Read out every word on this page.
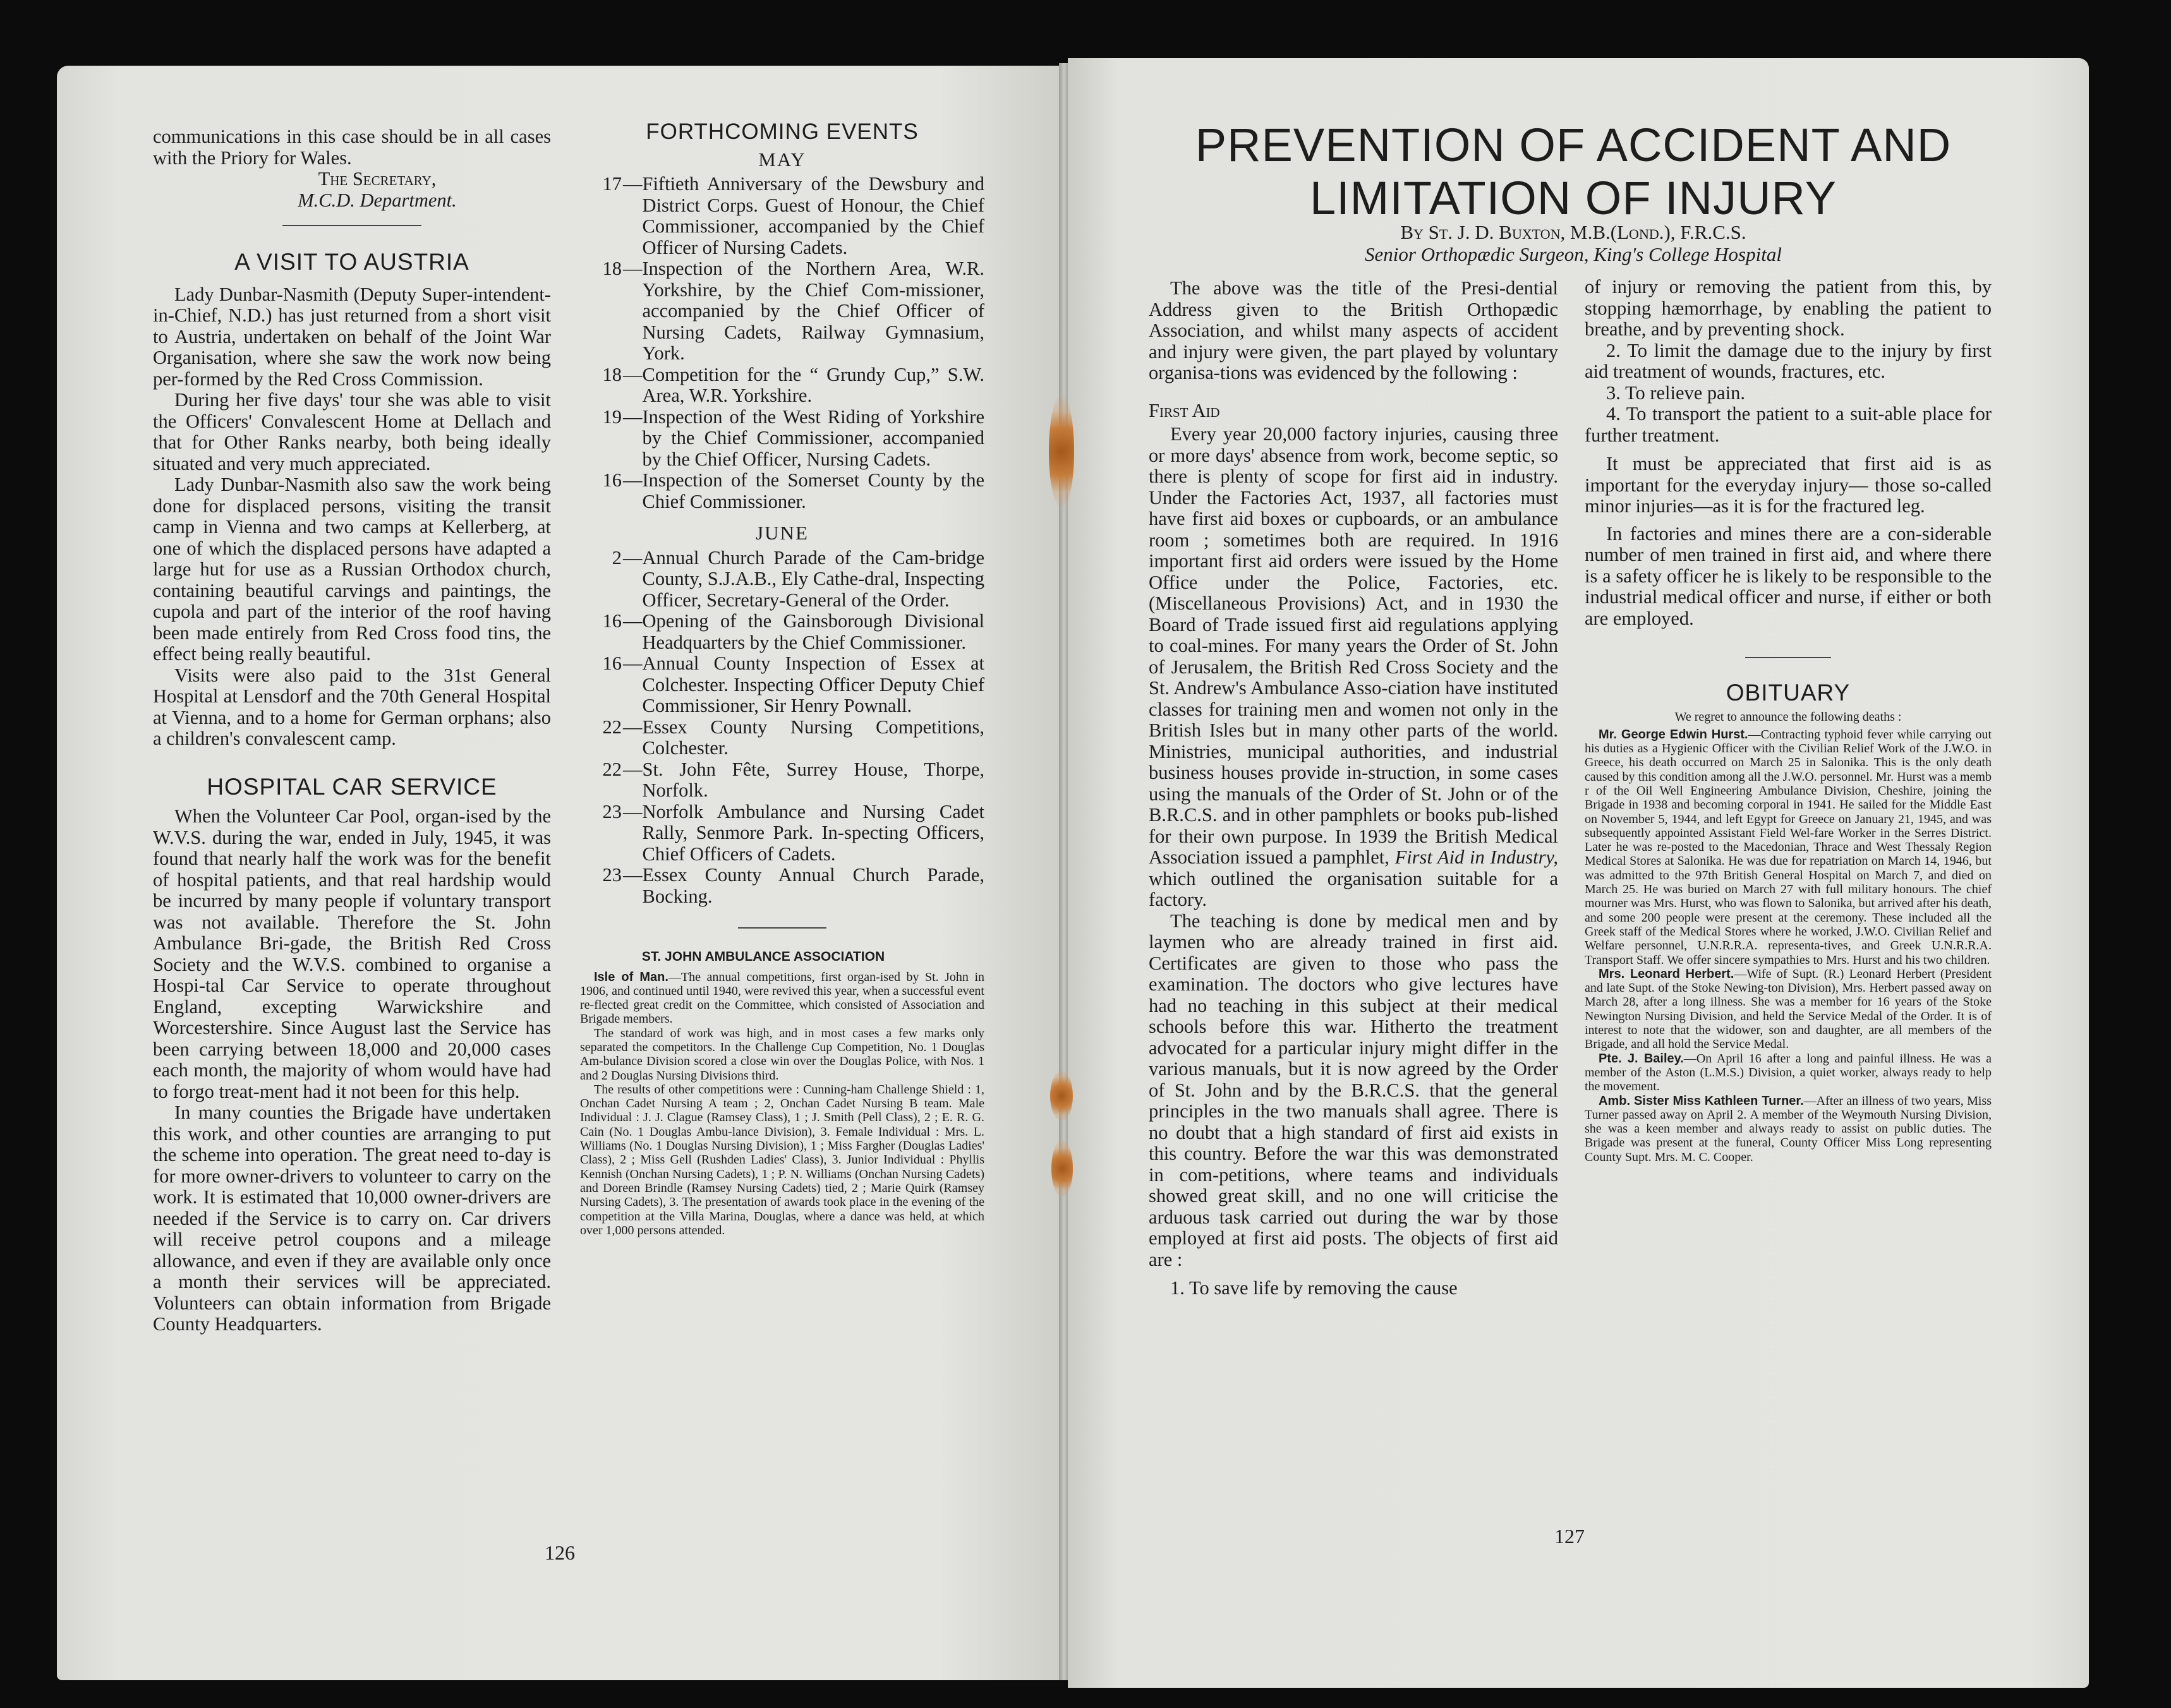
communications in this case should be in all cases with the Priory for Wales.

The Secretary,
M.C.D. Department.
A VISIT TO AUSTRIA

Lady Dunbar-Nasmith (Deputy Super-intendent-in-Chief, N.D.) has just returned from a short visit to Austria, undertaken on behalf of the Joint War Organisation, where she saw the work now being per-formed by the Red Cross Commission.

During her five days' tour she was able to visit the Officers' Convalescent Home at Dellach and that for Other Ranks nearby, both being ideally situated and very much appreciated.

Lady Dunbar-Nasmith also saw the work being done for displaced persons, visiting the transit camp in Vienna and two camps at Kellerberg, at one of which the displaced persons have adapted a large hut for use as a Russian Orthodox church, containing beautiful carvings and paintings, the cupola and part of the interior of the roof having been made entirely from Red Cross food tins, the effect being really beautiful.

Visits were also paid to the 31st General Hospital at Lensdorf and the 70th General Hospital at Vienna, and to a home for German orphans; also a children's convalescent camp.

HOSPITAL CAR SERVICE

When the Volunteer Car Pool, organ-ised by the W.V.S. during the war, ended in July, 1945, it was found that nearly half the work was for the benefit of hospital patients, and that real hardship would be incurred by many people if voluntary transport was not available. Therefore the St. John Ambulance Bri-gade, the British Red Cross Society and the W.V.S. combined to organise a Hospi-tal Car Service to operate throughout England, excepting Warwickshire and Worcestershire. Since August last the Service has been carrying between 18,000 and 20,000 cases each month, the majority of whom would have had to forgo treat-ment had it not been for this help.

In many counties the Brigade have undertaken this work, and other counties are arranging to put the scheme into operation. The great need to-day is for more owner-drivers to volunteer to carry on the work. It is estimated that 10,000 owner-drivers are needed if the Service is to carry on. Car drivers will receive petrol coupons and a mileage allowance, and even if they are available only once a month their services will be appreciated. Volunteers can obtain information from Brigade County Headquarters.

FORTHCOMING EVENTS
MAY
17 — Fiftieth Anniversary of the Dewsbury and District Corps. Guest of Honour, the Chief Commissioner, accompanied by the Chief Officer of Nursing Cadets.
18 — Inspection of the Northern Area, W.R. Yorkshire, by the Chief Com-missioner, accompanied by the Chief Officer of Nursing Cadets, Railway Gymnasium, York.
18 — Competition for the “ Grundy Cup,” S.W. Area, W.R. Yorkshire.
19 — Inspection of the West Riding of Yorkshire by the Chief Commissioner, accompanied by the Chief Officer, Nursing Cadets.
16 — Inspection of the Somerset County by the Chief Commissioner.
JUNE
2 — Annual Church Parade of the Cam-bridge County, S.J.A.B., Ely Cathe-dral, Inspecting Officer, Secretary-General of the Order.
16 — Opening of the Gainsborough Divisional Headquarters by the Chief Commissioner.
16 — Annual County Inspection of Essex at Colchester. Inspecting Officer Deputy Chief Commissioner, Sir Henry Pownall.
22 — Essex County Nursing Competitions, Colchester.
22 — St. John Fête, Surrey House, Thorpe, Norfolk.
23 — Norfolk Ambulance and Nursing Cadet Rally, Senmore Park. In-specting Officers, Chief Officers of Cadets.
23 — Essex County Annual Church Parade, Bocking.
ST. JOHN AMBULANCE ASSOCIATION

Isle of Man.—The annual competitions, first organ-ised by St. John in 1906, and continued until 1940, were revived this year, when a successful event re-flected great credit on the Committee, which consisted of Association and Brigade members.

The standard of work was high, and in most cases a few marks only separated the competitors. In the Challenge Cup Competition, No. 1 Douglas Am-bulance Division scored a close win over the Douglas Police, with Nos. 1 and 2 Douglas Nursing Divisions third.

The results of other competitions were : Cunning-ham Challenge Shield : 1, Onchan Cadet Nursing A team ; 2, Onchan Cadet Nursing B team. Male Individual : J. J. Clague (Ramsey Class), 1 ; J. Smith (Pell Class), 2 ; E. R. G. Cain (No. 1 Douglas Ambu-lance Division), 3. Female Individual : Mrs. L. Williams (No. 1 Douglas Nursing Division), 1 ; Miss Fargher (Douglas Ladies' Class), 2 ; Miss Gell (Rushden Ladies' Class), 3. Junior Individual : Phyllis Kennish (Onchan Nursing Cadets), 1 ; P. N. Williams (Onchan Nursing Cadets) and Doreen Brindle (Ramsey Nursing Cadets) tied, 2 ; Marie Quirk (Ramsey Nursing Cadets), 3. The presentation of awards took place in the evening of the competition at the Villa Marina, Douglas, where a dance was held, at which over 1,000 persons attended.

126
PREVENTION OF ACCIDENT AND
LIMITATION OF INJURY
By St. J. D. Buxton, M.B.(Lond.), F.R.C.S.
Senior Orthopædic Surgeon, King's College Hospital

The above was the title of the Presi-dential Address given to the British Orthopædic Association, and whilst many aspects of accident and injury were given, the part played by voluntary organisa-tions was evidenced by the following :

First Aid

Every year 20,000 factory injuries, causing three or more days' absence from work, become septic, so there is plenty of scope for first aid in industry. Under the Factories Act, 1937, all factories must have first aid boxes or cupboards, or an ambulance room ; sometimes both are required. In 1916 important first aid orders were issued by the Home Office under the Police, Factories, etc. (Miscellaneous Provisions) Act, and in 1930 the Board of Trade issued first aid regulations applying to coal-mines. For many years the Order of St. John of Jerusalem, the British Red Cross Society and the St. Andrew's Ambulance Asso-ciation have instituted classes for training men and women not only in the British Isles but in many other parts of the world. Ministries, municipal authorities, and industrial business houses provide in-struction, in some cases using the manuals of the Order of St. John or of the B.R.C.S. and in other pamphlets or books pub-lished for their own purpose. In 1939 the British Medical Association issued a pamphlet, First Aid in Industry, which outlined the organisation suitable for a factory.

The teaching is done by medical men and by laymen who are already trained in first aid. Certificates are given to those who pass the examination. The doctors who give lectures have had no teaching in this subject at their medical schools before this war. Hitherto the treatment advocated for a particular injury might differ in the various manuals, but it is now agreed by the Order of St. John and by the B.R.C.S. that the general principles in the two manuals shall agree. There is no doubt that a high standard of first aid exists in this country. Before the war this was demonstrated in com-petitions, where teams and individuals showed great skill, and no one will criticise the arduous task carried out during the war by those employed at first aid posts. The objects of first aid are :

1. To save life by removing the cause

of injury or removing the patient from this, by stopping hæmorrhage, by enabling the patient to breathe, and by preventing shock.

2. To limit the damage due to the injury by first aid treatment of wounds, fractures, etc.

3. To relieve pain.

4. To transport the patient to a suit-able place for further treatment.

It must be appreciated that first aid is as important for the everyday injury— those so-called minor injuries—as it is for the fractured leg.

In factories and mines there are a con-siderable number of men trained in first aid, and where there is a safety officer he is likely to be responsible to the industrial medical officer and nurse, if either or both are employed.

OBITUARY
We regret to announce the following deaths :

Mr. George Edwin Hurst.—Contracting typhoid fever while carrying out his duties as a Hygienic Officer with the Civilian Relief Work of the J.W.O. in Greece, his death occurred on March 25 in Salonika. This is the only death caused by this condition among all the J.W.O. personnel. Mr. Hurst was a memb r of the Oil Well Engineering Ambulance Division, Cheshire, joining the Brigade in 1938 and becoming corporal in 1941. He sailed for the Middle East on November 5, 1944, and left Egypt for Greece on January 21, 1945, and was subsequently appointed Assistant Field Wel-fare Worker in the Serres District. Later he was re-posted to the Macedonian, Thrace and West Thessaly Region Medical Stores at Salonika. He was due for repatriation on March 14, 1946, but was admitted to the 97th British General Hospital on March 7, and died on March 25. He was buried on March 27 with full military honours. The chief mourner was Mrs. Hurst, who was flown to Salonika, but arrived after his death, and some 200 people were present at the ceremony. These included all the Greek staff of the Medical Stores where he worked, J.W.O. Civilian Relief and Welfare personnel, U.N.R.R.A. representa-tives, and Greek U.N.R.R.A. Transport Staff. We offer sincere sympathies to Mrs. Hurst and his two children.

Mrs. Leonard Herbert.—Wife of Supt. (R.) Leonard Herbert (President and late Supt. of the Stoke Newing-ton Division), Mrs. Herbert passed away on March 28, after a long illness. She was a member for 16 years of the Stoke Newington Nursing Division, and held the Service Medal of the Order. It is of interest to note that the widower, son and daughter, are all members of the Brigade, and all hold the Service Medal.

Pte. J. Bailey.—On April 16 after a long and painful illness. He was a member of the Aston (L.M.S.) Division, a quiet worker, always ready to help the movement.

Amb. Sister Miss Kathleen Turner.—After an illness of two years, Miss Turner passed away on April 2. A member of the Weymouth Nursing Division, she was a keen member and always ready to assist on public duties. The Brigade was present at the funeral, County Officer Miss Long representing County Supt. Mrs. M. C. Cooper.

127
